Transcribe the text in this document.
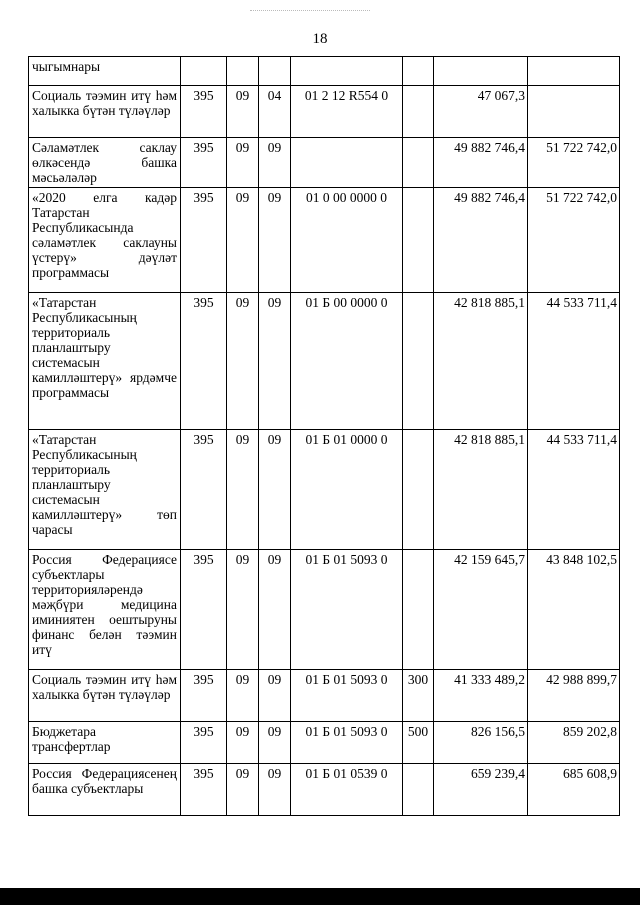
18
чыгымнары							
Социаль тәэмин итү һәм халыкка бүтән түләүләр	395	09	04	01 2 12 R554 0		47 067,3	
Сәламәтлек саклау өлкәсендә башка мәсьәләләр	395	09	09			49 882 746,4	51 722 742,0
«2020 елга кадәр Татарстан Республикасында сәламәтлек саклауны үстерү» дәүләт программасы	395	09	09	01 0 00 0000 0		49 882 746,4	51 722 742,0
«Татарстан Республикасының территориаль планлаштыру системасын камилләштерү» ярдәмче программасы	395	09	09	01 Б 00 0000 0		42 818 885,1	44 533 711,4
«Татарстан Республикасының территориаль планлаштыру системасын камилләштерү» төп чарасы	395	09	09	01 Б 01 0000 0		42 818 885,1	44 533 711,4
Россия Федерациясе субъектлары территорияләрендә мәҗбүри медицина иминиятен оештыруны финанс белән тәэмин итү	395	09	09	01 Б 01 5093 0		42 159 645,7	43 848 102,5
Социаль тәэмин итү һәм халыкка бүтән түләүләр	395	09	09	01 Б 01 5093 0	300	41 333 489,2	42 988 899,7
Бюджетара трансфертлар	395	09	09	01 Б 01 5093 0	500	826 156,5	859 202,8
Россия Федерациясенең башка субъектлары	395	09	09	01 Б 01 0539 0		659 239,4	685 608,9
